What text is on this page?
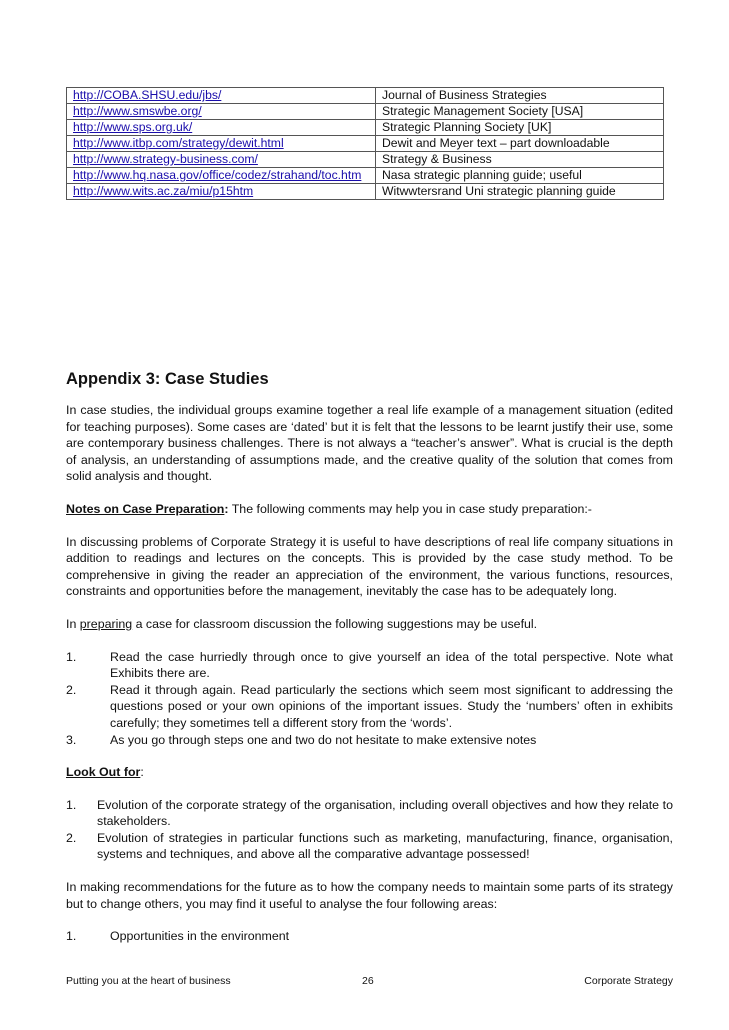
http://COBA.SHSU.edu/jbs/	Journal of Business Strategies
http://www.smswbe.org/	Strategic Management Society [USA]
http://www.sps.org.uk/	Strategic Planning Society [UK]
http://www.itbp.com/strategy/dewit.html	Dewit and Meyer text – part downloadable
http://www.strategy-business.com/	Strategy & Business
http://www.hq.nasa.gov/office/codez/strahand/toc.htm	Nasa strategic planning guide; useful
http://www.wits.ac.za/miu/p15htm	Witwwtersrand Uni strategic planning guide
Appendix 3: Case Studies

In case studies, the individual groups examine together a real life example of a management situation (edited for teaching purposes). Some cases are ‘dated’ but it is felt that the lessons to be learnt justify their use, some are contemporary business challenges. There is not always a “teacher’s answer”. What is crucial is the depth of analysis, an understanding of assumptions made, and the creative quality of the solution that comes from solid analysis and thought.

Notes on Case Preparation: The following comments may help you in case study preparation:-

In discussing problems of Corporate Strategy it is useful to have descriptions of real life company situations in addition to readings and lectures on the concepts. This is provided by the case study method. To be comprehensive in giving the reader an appreciation of the environment, the various functions, resources, constraints and opportunities before the management, inevitably the case has to be adequately long.

In preparing a case for classroom discussion the following suggestions may be useful.

1.	Read the case hurriedly through once to give yourself an idea of the total perspective. Note what Exhibits there are.
2.	Read it through again. Read particularly the sections which seem most significant to addressing the questions posed or your own opinions of the important issues. Study the ‘numbers’ often in exhibits carefully; they sometimes tell a different story from the ‘words’.
3.	As you go through steps one and two do not hesitate to make extensive notes

Look Out for:

1.	Evolution of the corporate strategy of the organisation, including overall objectives and how they relate to stakeholders.
2.	Evolution of strategies in particular functions such as marketing, manufacturing, finance, organisation, systems and techniques, and above all the comparative advantage possessed!

In making recommendations for the future as to how the company needs to maintain some parts of its strategy but to change others, you may find it useful to analyse the four following areas:

1.	Opportunities in the environment
Putting you at the heart of business	26	Corporate Strategy
